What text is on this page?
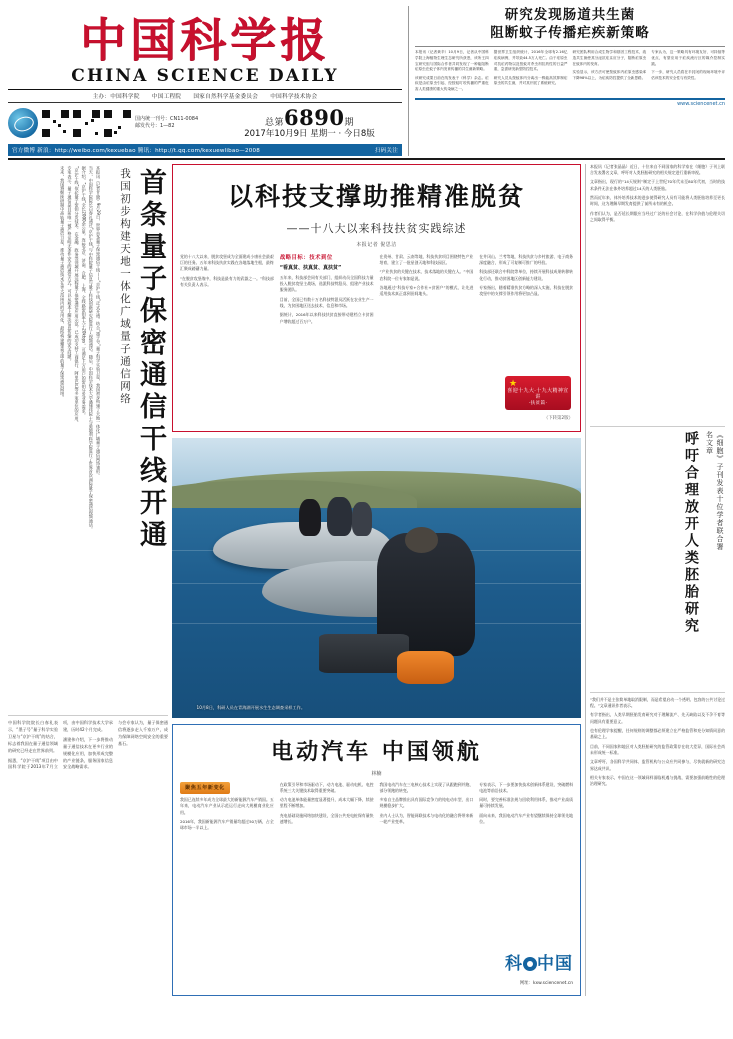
中国科学报
CHINA SCIENCE DAILY
主办：中国科学院 中国工程院 国家自然科学基金委员会 中国科学技术协会
国内统一刊号：CN11-0084
邮发代号：1—82	总第6890期
2017年10月9日 星期一 · 今日8版
官方微博 新浪：http://weibo.com/kexuebao 腾讯：http://t.qq.com/kexuewlibao—2008	扫码关注
研究发现肠道共生菌
阻断蚊子传播疟疾新策略

本报讯（记者黄辛）10月9日，记者从中国科学院上海植物生理生态研究所获悉，该所王四宝研究组与国际合作者共同发现了一种能阻断疟原虫在蚊子体内发育传播的共生菌新策略。

该研究成果日前在线发表于《科学》杂志。疟疾是由疟原虫引起、经按蚊叮咬传播的严重危害人类健康的重大传染病之一。

据世界卫生组织统计，2016年全球有2.16亿疟疾病例，并导致44.5万人死亡。由于疟原虫对抗疟药物以及按蚊对杀虫剂抗药性的日益严重，急需研发新型防控技术。

研究人员从按蚊体内分离出一株能高效抑制疟原虫的共生菌，并对其开展了系统研究。

研究团队利用合成生物学和基因工程技术，改造共生菌使其分泌抗疟효应分子，阻断疟原虫在蚊体内的发育。

实验显示，该方法可使按蚊体内疟原虫感染率下降98%以上，为疟疾防控提供了全新思路。

专家认为，这一策略具有环境友好、可持续等优点，有望应用于疟疾流行区的媒介控制实践。

下一步，研究人员将在半封闭的现场环境中评估该技术的安全性与有效性。

www.sciencenet.cn

本报讯（记者甘晓）9月29日，世界首条量子保密通信干线——“京沪干线”正式开通。结合“墨子号”量子科学实验卫星，我国初步构建了天地一体化广域量子通信网络雏形。

当天，中国科学院院长白春礼通过“京沪干线”与中科院量子信息与量子科技创新研究院进行了视频通话。随后，中国科学技术大学潘建伟院士与奥地利科学院进行了世界首次洲际量子保密通信视频通话。

据介绍，“京沪干线”全长2000余公里，连接北京、济南、合肥、上海，全线路密钥率大于20kbps，可满足上万用户的密钥分发业务需求。

“京沪干线”依托量子密钥分发技术，在金融、政务等领域开展远程量子保密通信应用示范，已成功支持工商银行、阿里巴巴等多家单位的应用。

专家表示，量子通信是目前唯一被严格证明无条件安全的通信方式，可以从根本上解决信息传输的安全问题。

未来，我国将继续研制中高轨量子通信卫星，推动量子通信技术在更大范围内的实用化，最终构建覆盖全球的量子保密通信网络。	我国初步构建天地一体化广域量子通信网络 首条量子保密通信干线开通

中国科学院院长白春礼表示，“墨子号”量子科学实验卫星与“京沪干线”的结合，标志着我国在量子通信领域的研究已经走在世界前列。

据悉，“京沪干线”项目由中国科学院于2013年7月立项，由中国科学技术大学承建，历时42个月完成。

潘建伟介绍，下一步将推动量子通信技术在更多行业的规模化应用，加快形成完整的产业链条，服务国家信息安全战略需求。

与会专家认为，量子保密通信将逐步走入千家万户，成为保障网络空间安全的重要基石。

以科技支撑助推精准脱贫
——十八大以来科技扶贫实践综述
本报记者 倪思洁

党的十八大以来，脱贫攻坚成为全面建成小康社会最艰巨的任务。五年来科技扶贫实践在各地落地生根，最终汇聚成磅礴力量。

“在脱贫攻坚战中，科技是最有力的武器之一。”科技部有关负责人表示。

战略目标：技术到位
“看真贫、扶真贫、真扶贫”

五年来，科技部会同有关部门，组织动员全国科技力量投入脱贫攻坚主战场，选派科技特派员、组建产业技术服务团队。

目前，全国已有数十万名科技特派员活跃在农业生产一线，为贫困地区送去技术、信息和市场。

据统计，2016年以来科技扶贫直接带动建档立卡贫困户增收超过百万户。

在贵州、甘肃、云南等地，科技扶贫项目围绕特色产业培育，建立了一批星创天地和科技园区。

“产业扶贫的关键在技术，技术落地的关键在人。”中国农科院一位专家如是说。

各地通过“科技专家+合作社+贫困户”的模式，让先进适用技术真正落到田间地头。

在井冈山、兰考等地，科技扶贫与乡村旅游、电子商务深度融合，形成了可复制可推广的经验。

科技部还联合中科院等单位，持续开展科技成果转移转化行动，推动贫困地区创新能力建设。

专家指出，随着精准扶贫方略的深入实施，科技在脱贫攻坚中的支撑引领作用将更加凸显。

★
喜迎十九大·十九大精神宣讲
·扶贫篇·
（下转第2版）
10月8日，科研人员在青海湖开展水生生态调查采样工作。
电动汽车 中国领航
林楠
聚焦五年新变化

我国已连续多年成为全球最大的新能源汽车产销国。五年来，电动汽车产业从示范运行走向大规模商业化应用。

2016年，我国新能源汽车产销量均超过50万辆，占全球市场一半以上。

在政策引导和市场驱动下，动力电池、驱动电机、电控系统三大关键技术取得重要突破。

动力电池单体能量密度显著提升，成本大幅下降，续驶里程不断增加。

充电基础设施网络加快建设，全国公共充电桩保有量快速增长。

我国电动汽车在三电核心技术上实现了从跟跑到并跑、部分领跑的转变。

多家自主品牌推出具有国际竞争力的纯电动车型，出口规模稳步扩大。

业内人士认为，智能网联技术与电动化的融合将带来新一轮产业变革。

专家表示，下一步要加快技术创新体系建设，突破燃料电池等前沿技术。

同时，要完善标准法规与回收利用体系，推动产业高质量可持续发展。

面向未来，我国电动汽车产业有望继续保持全球领先地位。

科 中国
网址：kxw.sciencenet.cn

本报讯（记者张晶晶）近日，十位来自不同国家的科学家在《细胞》子刊上联合发表署名文章，呼吁对人类胚胎研究的相关规定进行重新审视。

文章指出，现行的“14天规则”制定于上世纪70年代末至80年代初，当时的技术条件无法在体外培养超过14天的人类胚胎。

然而近年来，体外培养技术的进步使得研究人员有可能将人类胚胎培养至更长时间，这为理解早期发育提供了前所未有的机会。

作者们认为，是否延长期限应当经过广泛的社会讨论，在科学价值与伦理关切之间取得平衡。

呼吁合理放开人类胚胎研究	《细胞》子刊发表十位学者联合署名文章

“我们并不是主张简单地取消限制，而是希望启动一个透明、包容的公共讨论过程。”文章通讯作者表示。

有学者指出，人类早期胚胎发育研究对于理解流产、先天缺陷以及不孕不育等问题具有重要意义。

也有伦理学家提醒，任何规则的调整都必须建立在严格监管和充分知情同意的基础之上。

目前，不同国家和地区对人类胚胎研究的监管政策存在较大差异，国际社会尚未形成统一标准。

文章呼吁，各国科学共同体、监管机构与公众应共同参与，尽快就新的研究边界达成共识。

相关专家表示，中国在这一领域同样面临机遇与挑战，需要加强前瞻性的伦理治理研究。
